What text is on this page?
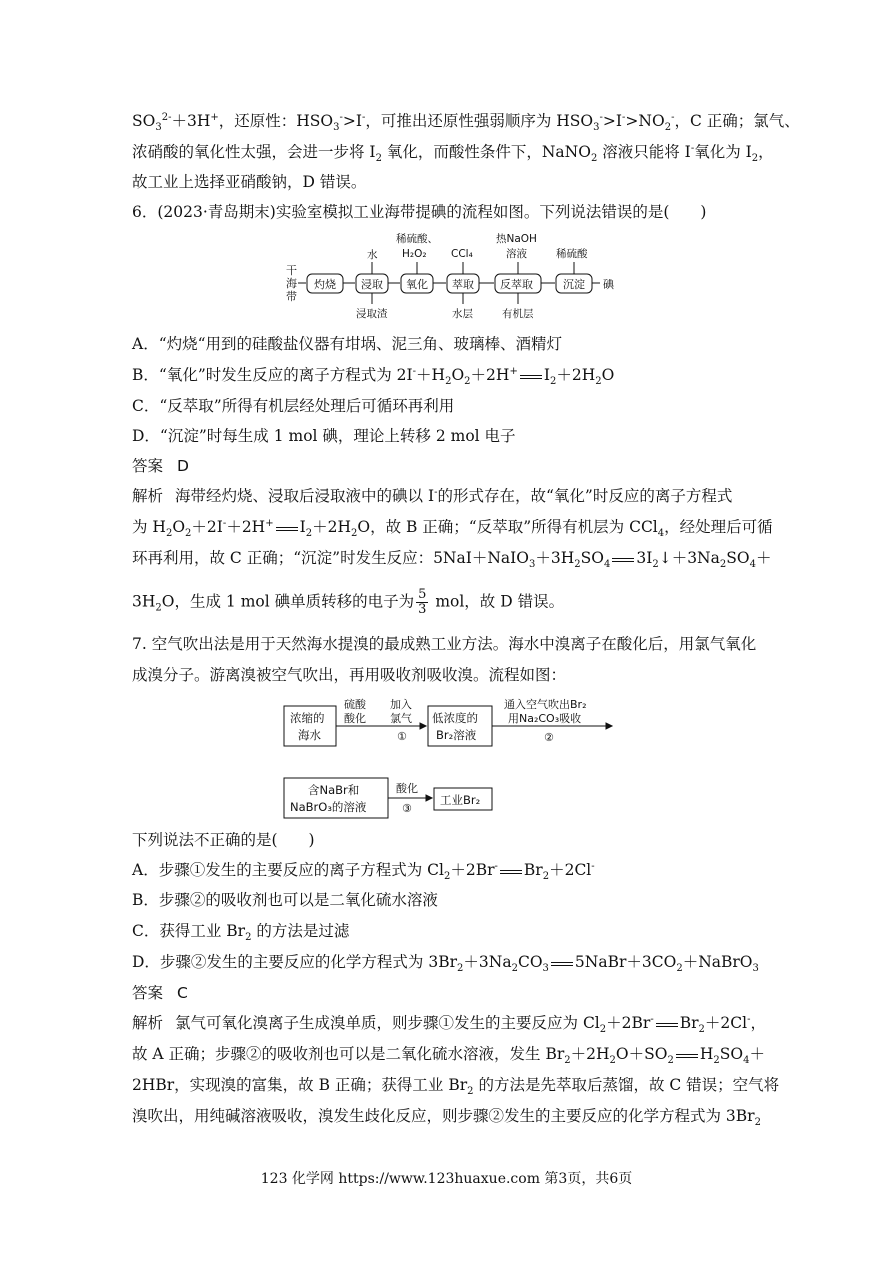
$SO_3^{2-}+3H^+$，还原性：$HSO_3^->I^-$，可推出还原性强弱顺序为 $HSO_3^->I^->NO_2^-$，C 正确；氯气、
浓硝酸的氧化性太强，会进一步将 $I_2$ 氧化，而酸性条件下，NaNO$_2$ 溶液只能将 I-氧化为 $I_2$，
故工业上选择亚硝酸钠，D 错误。
6．(2023·青岛期末)实验室模拟工业海带提碘的流程如图。下列说法错误的是(　　)
干
海
带
灼烧 浸取 氧化 萃取 反萃取	沉淀 碘
水
稀硫酸、
H₂O₂ CCl₄
热NaOH
溶液	稀硫酸
浸取渣	水层	有机层
A．“灼烧“用到的硅酸盐仪器有坩埚、泥三角、玻璃棒、酒精灯
B．“氧化”时发生反应的离子方程式为 $2I^-+H_2O_2+2H^+$ $I_2+2H_2O$
C．“反萃取”所得有机层经处理后可循环再利用
D．“沉淀”时每生成 1 mol 碘，理论上转移 2 mol 电子
答案 D
解析 海带经灼烧、浸取后浸取液中的碘以 I-的形式存在，故“氧化”时反应的离子方程式
为 $H_2O_2+2I^-+2H^+$ $I_2+2H_2O$，故 B 正确；“反萃取”所得有机层为 CCl$_4$，经处理后可循
环再利用，故 C 正确；“沉淀”时发生反应：$5NaI+NaIO_3+3H_2SO_4$ $3I_2↓+3Na_2SO_4+$
$3H_2O$，生成 1 mol 碘单质转移的电子为 $\frac{5}{3}$ mol，故 D 错误。
7. 空气吹出法是用于天然海水提溴的最成熟工业方法。海水中溴离子在酸化后，用氯气氧化
成溴分子。游离溴被空气吹出，再用吸收剂吸收溴。流程如图：
浓缩的
海水
硫酸
酸化
加入
氯气
①
低浓度的
Br₂溶液
通入空气吹出Br₂
用Na₂CO₃吸收
②
含NaBr和
NaBrO₃的溶液
酸化
③
工业Br₂
下列说法不正确的是(　　)
A．步骤①发生的主要反应的离子方程式为 $Cl_2+2Br^-$ $Br_2+2Cl^-$
B．步骤②的吸收剂也可以是二氧化硫水溶液
C．获得工业 $Br_2$ 的方法是过滤
D．步骤②发生的主要反应的化学方程式为 $3Br_2+3Na_2CO_3$ $5NaBr+3CO_2+NaBrO_3$
答案 C
解析 氯气可氧化溴离子生成溴单质，则步骤①发生的主要反应为 $Cl_2+2Br^-$ $Br_2+2Cl^-$，
故 A 正确；步骤②的吸收剂也可以是二氧化硫水溶液，发生 $Br_2+2H_2O+SO_2$ $H_2SO_4+$
2HBr，实现溴的富集，故 B 正确；获得工业 $Br_2$ 的方法是先萃取后蒸馏，故 C 错误；空气将
溴吹出，用纯碱溶液吸收，溴发生歧化反应，则步骤②发生的主要反应的化学方程式为 $3Br_2$
123 化学网 https://www.123huaxue.com 第3页，共6页
